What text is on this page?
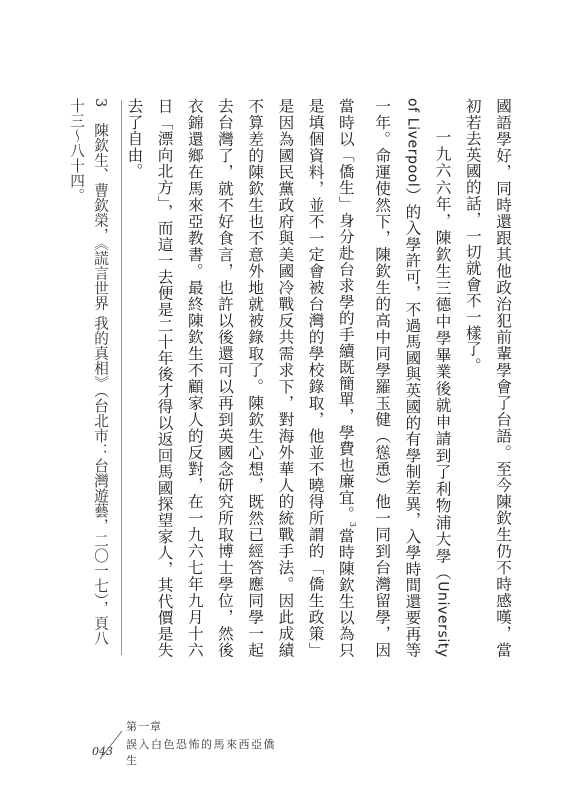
國語學好，同時還跟其他政治犯前輩學會了台語。至今陳欽生仍不時感嘆，當初若去英國的話，一切就會不一樣了。

一九六六年，陳欽生三德中學畢業後就申請到了利物浦大學（University of Liverpool）的入學許可，不過馬國與英國的有學制差異，入學時間還要再等一年。命運使然下，陳欽生的高中同學羅玉健（慫恿）他一同到台灣留學，因當時以「僑生」身分赴台求學的手續既簡單，學費也廉宜。$^3$當時陳欽生以為只是填個資料，並不一定會被台灣的學校錄取，他並不曉得所謂的「僑生政策」是因為國民黨政府與美國冷戰反共需求下，對海外華人的統戰手法。因此成績不算差的陳欽生也不意外地就被錄取了。陳欽生心想，既然已經答應同學一起去台灣了，就不好食言，也許以後還可以再到英國念研究所取博士學位，然後衣錦還鄉在馬來亞教書。最終陳欽生不顧家人的反對，在一九六七年九月十六日「漂向北方」，而這一去便是二十年後才得以返回馬國探望家人，其代價是失去了自由。

3 陳欽生、曹欽榮，《謊言世界 我的真相》（台北市：台灣遊藝，二〇一七），頁八十三～八十四。
043
第一章
誤入白色恐怖的馬來西亞僑生
